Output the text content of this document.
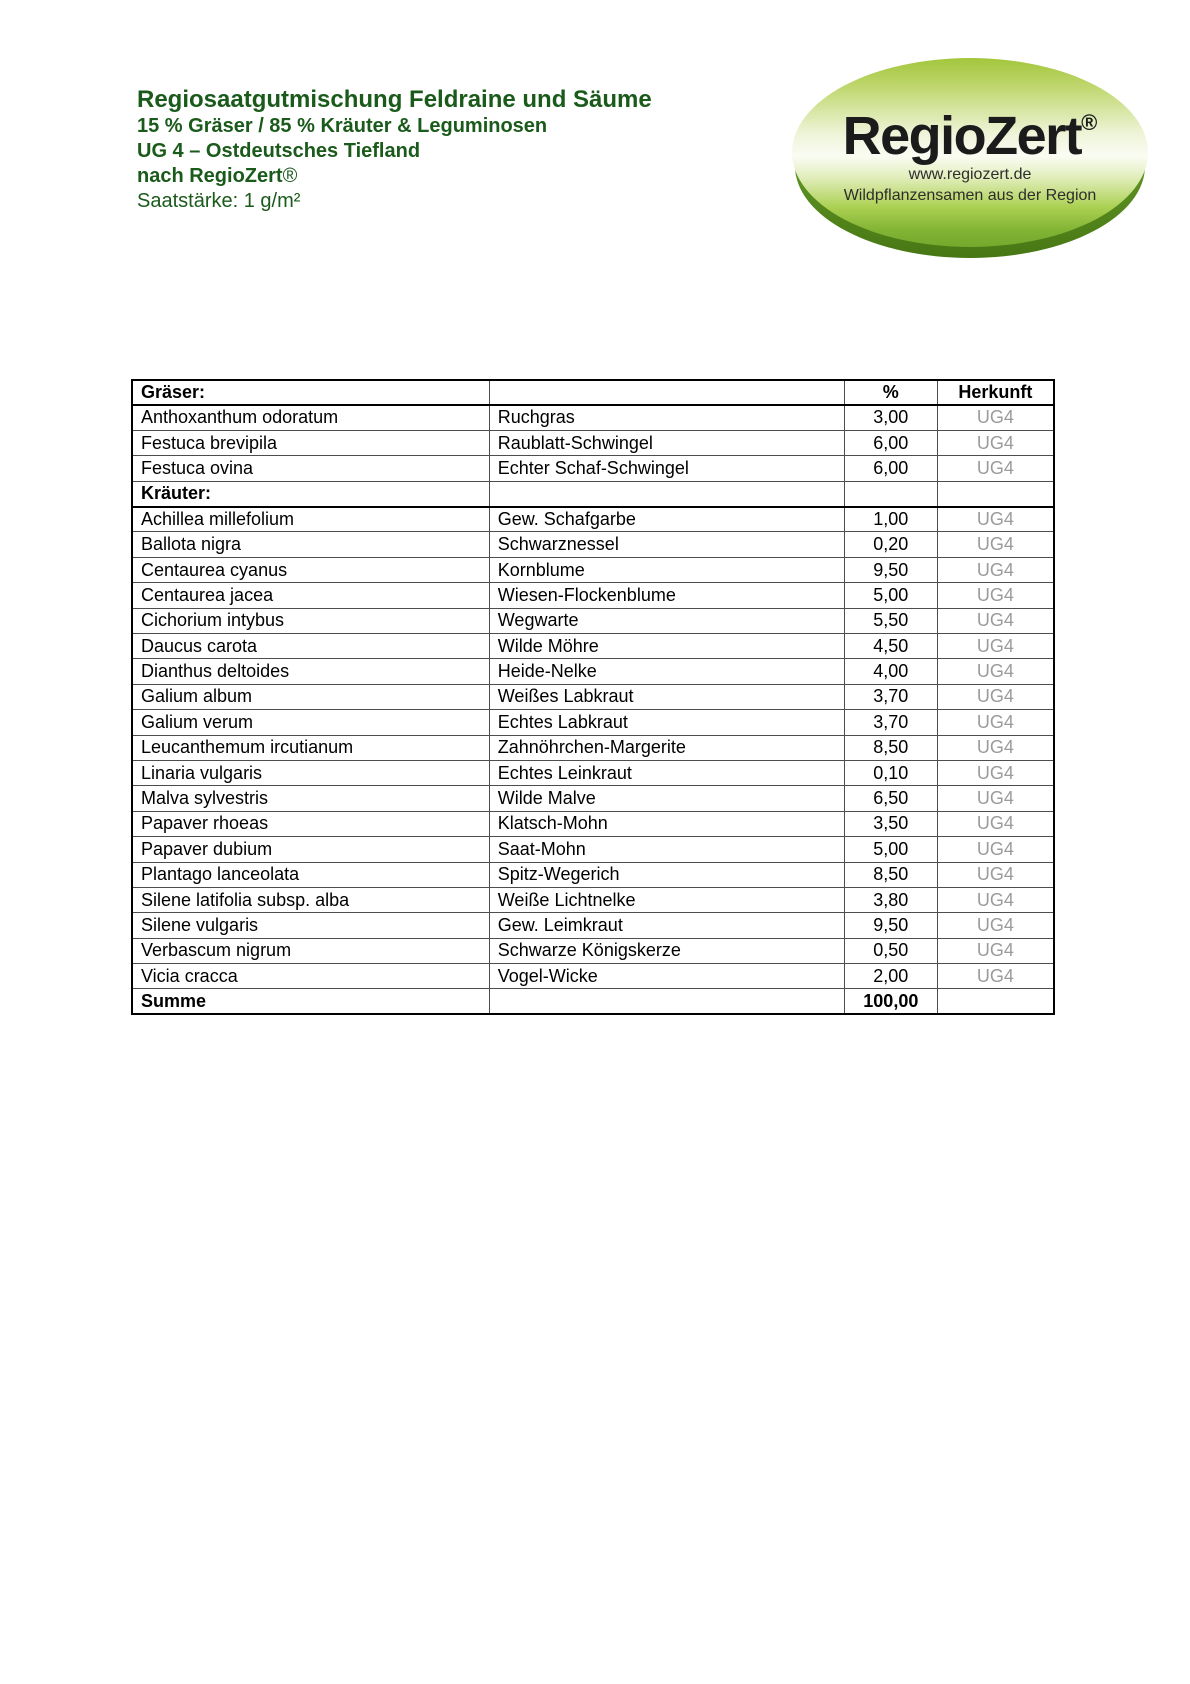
Regiosaatgutmischung Feldraine und Säume
15 % Gräser / 85 % Kräuter & Leguminosen
UG 4 – Ostdeutsches Tiefland
nach RegioZert®
Saatstärke: 1 g/m²
RegioZert®
www.regiozert.de
Wildpflanzensamen aus der Region
Gräser:		%	Herkunft
Anthoxanthum odoratum	Ruchgras	3,00	UG4
Festuca brevipila	Raublatt-Schwingel	6,00	UG4
Festuca ovina	Echter Schaf-Schwingel	6,00	UG4
Kräuter:			
Achillea millefolium	Gew. Schafgarbe	1,00	UG4
Ballota nigra	Schwarznessel	0,20	UG4
Centaurea cyanus	Kornblume	9,50	UG4
Centaurea jacea	Wiesen-Flockenblume	5,00	UG4
Cichorium intybus	Wegwarte	5,50	UG4
Daucus carota	Wilde Möhre	4,50	UG4
Dianthus deltoides	Heide-Nelke	4,00	UG4
Galium album	Weißes Labkraut	3,70	UG4
Galium verum	Echtes Labkraut	3,70	UG4
Leucanthemum ircutianum	Zahnöhrchen-Margerite	8,50	UG4
Linaria vulgaris	Echtes Leinkraut	0,10	UG4
Malva sylvestris	Wilde Malve	6,50	UG4
Papaver rhoeas	Klatsch-Mohn	3,50	UG4
Papaver dubium	Saat-Mohn	5,00	UG4
Plantago lanceolata	Spitz-Wegerich	8,50	UG4
Silene latifolia subsp. alba	Weiße Lichtnelke	3,80	UG4
Silene vulgaris	Gew. Leimkraut	9,50	UG4
Verbascum nigrum	Schwarze Königskerze	0,50	UG4
Vicia cracca	Vogel-Wicke	2,00	UG4
Summe		100,00	
